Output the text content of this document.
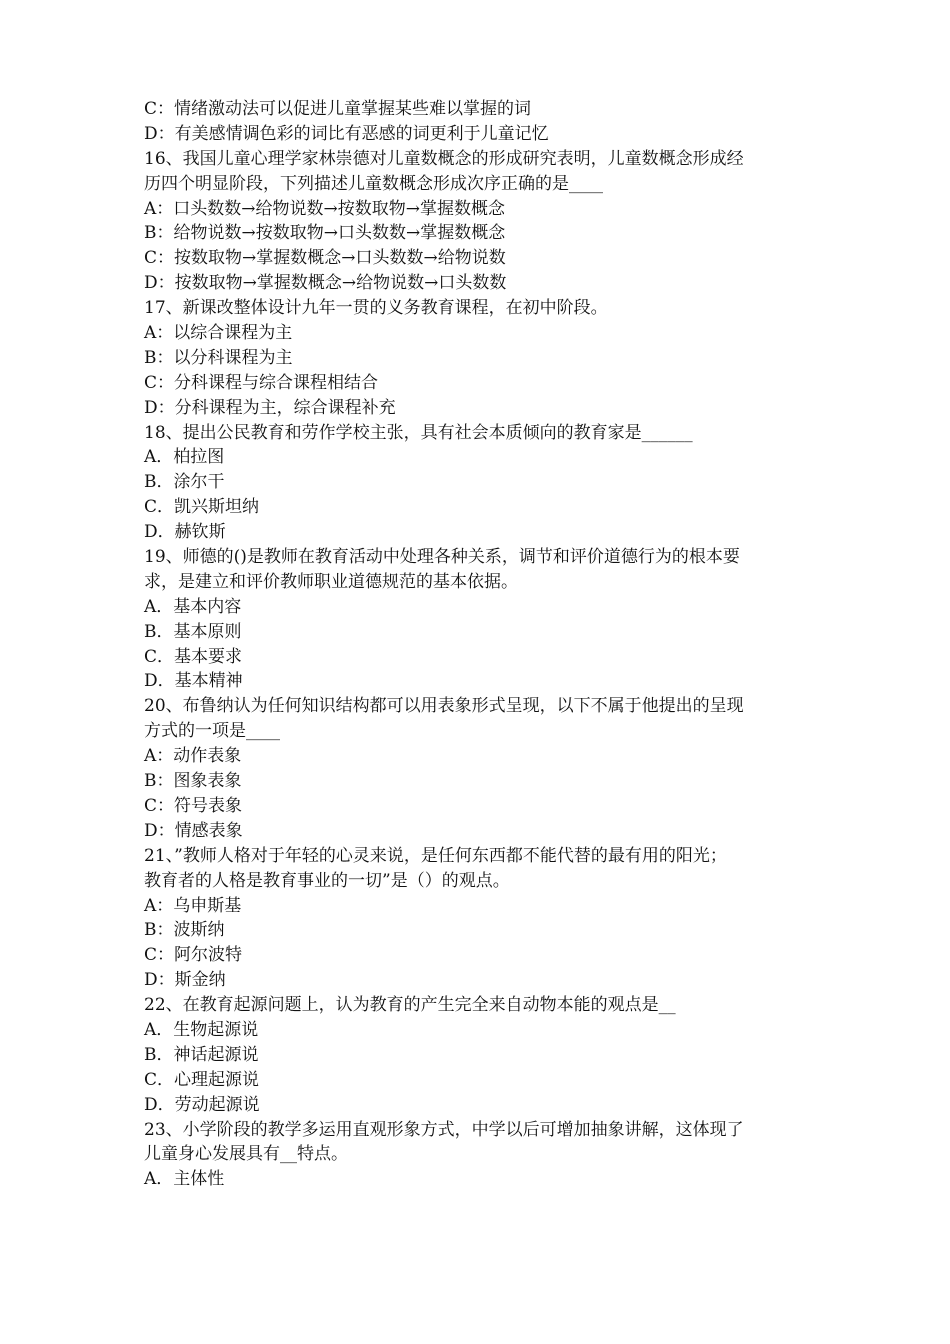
C：情绪激动法可以促进儿童掌握某些难以掌握的词
D：有美感情调色彩的词比有恶感的词更利于儿童记忆
16、我国儿童心理学家林崇德对儿童数概念的形成研究表明，儿童数概念形成经
历四个明显阶段，下列描述儿童数概念形成次序正确的是____
A：口头数数→给物说数→按数取物→掌握数概念
B：给物说数→按数取物→口头数数→掌握数概念
C：按数取物→掌握数概念→口头数数→给物说数
D：按数取物→掌握数概念→给物说数→口头数数
17、新课改整体设计九年一贯的义务教育课程，在初中阶段。
A：以综合课程为主
B：以分科课程为主
C：分科课程与综合课程相结合
D：分科课程为主，综合课程补充
18、提出公民教育和劳作学校主张，具有社会本质倾向的教育家是______
A．柏拉图
B．涂尔干
C．凯兴斯坦纳
D．赫钦斯
19、师德的()是教师在教育活动中处理各种关系，调节和评价道德行为的根本要
求，是建立和评价教师职业道德规范的基本依据。
A．基本内容
B．基本原则
C．基本要求
D．基本精神
20、布鲁纳认为任何知识结构都可以用表象形式呈现，以下不属于他提出的呈现
方式的一项是____
A：动作表象
B：图象表象
C：符号表象
D：情感表象
21、”教师人格对于年轻的心灵来说，是任何东西都不能代替的最有用的阳光；
教育者的人格是教育事业的一切”是（）的观点。
A：乌申斯基
B：波斯纳
C：阿尔波特
D：斯金纳
22、在教育起源问题上，认为教育的产生完全来自动物本能的观点是__
A．生物起源说
B．神话起源说
C．心理起源说
D．劳动起源说
23、小学阶段的教学多运用直观形象方式，中学以后可增加抽象讲解，这体现了
儿童身心发展具有__特点。
A．主体性
